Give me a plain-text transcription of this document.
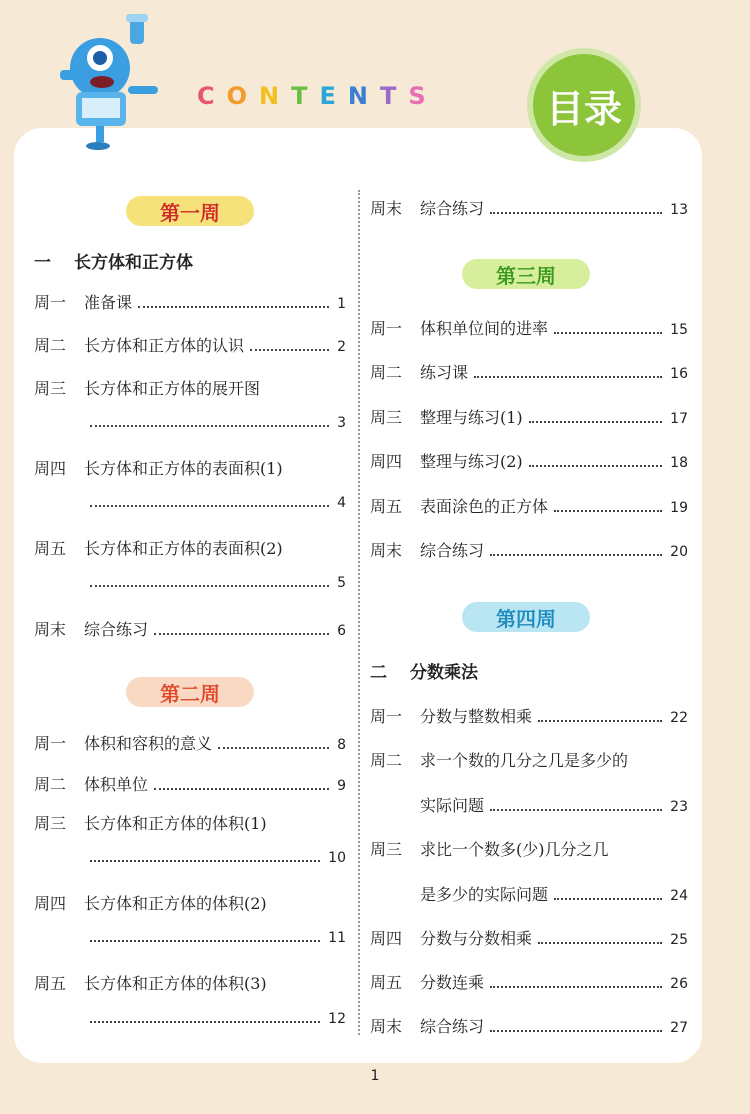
CONTENTS	目录
第一周
一 长方体和正方体
第二周
第三周
第四周
二 分数乘法
周一	准备课	1
周二	长方体和正方体的认识	2
周三	长方体和正方体的展开图
3
周四	长方体和正方体的表面积(1)
4
周五	长方体和正方体的表面积(2)
5
周末	综合练习	6
周一	体积和容积的意义	8
周二	体积单位	9
周三	长方体和正方体的体积(1)
10
周四	长方体和正方体的体积(2)
11
周五	长方体和正方体的体积(3)
12
周末	综合练习	13
周一	体积单位间的进率	15
周二	练习课	16
周三	整理与练习(1)	17
周四	整理与练习(2)	18
周五	表面涂色的正方体	19
周末	综合练习	20
周一	分数与整数相乘	22
周二	求一个数的几分之几是多少的
实际问题	23
周三	求比一个数多(少)几分之几
是多少的实际问题	24
周四	分数与分数相乘	25
周五	分数连乘	26
周末	综合练习	27
1
